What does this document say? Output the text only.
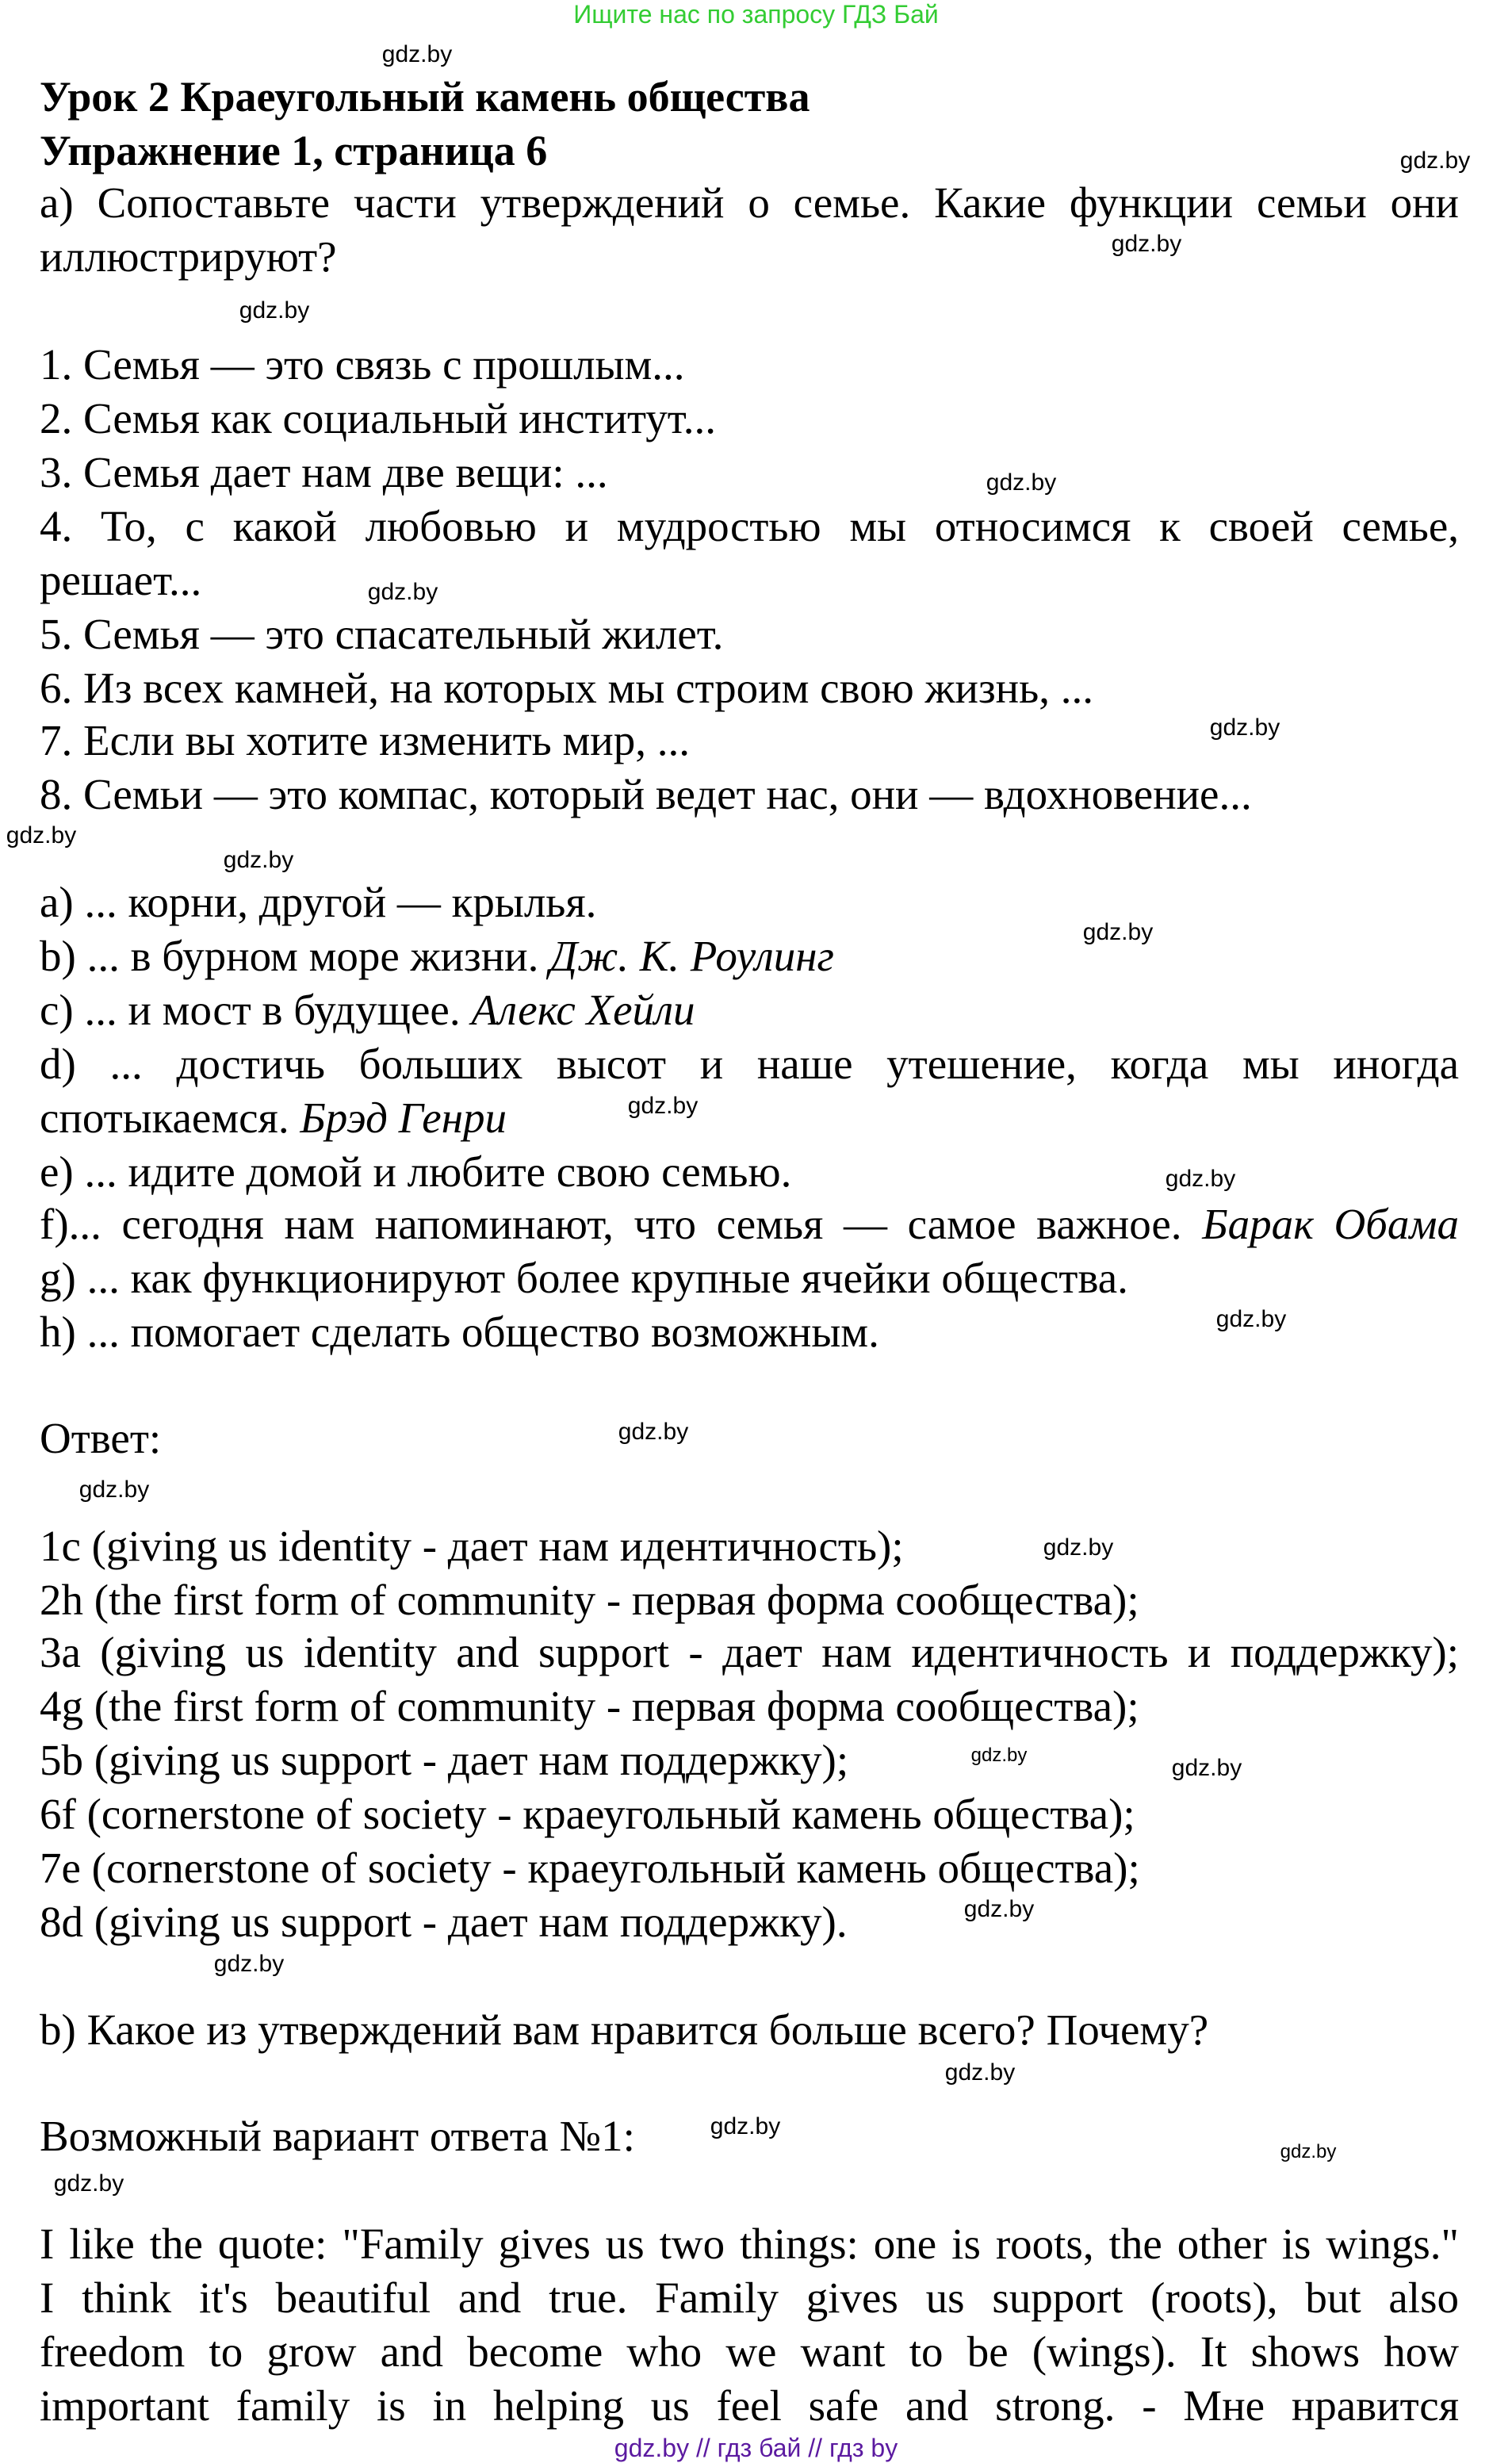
Ищите нас по запросу ГДЗ Бай
Урок 2 Краеугольный камень общества
Упражнение 1, страница 6
а) Сопоставьте части утверждений о семье. Какие функции семьи они
иллюстрируют?
1. Семья — это связь с прошлым...
2. Семья как социальный институт...
3. Семья дает нам две вещи: ...
4. То, с какой любовью и мудростью мы относимся к своей семье,
решает...
5. Семья — это спасательный жилет.
6. Из всех камней, на которых мы строим свою жизнь, ...
7. Если вы хотите изменить мир, ...
8. Семьи — это компас, который ведет нас, они — вдохновение...
a) ... корни, другой — крылья.
b) ... в бурном море жизни. Дж. К. Роулинг
c) ... и мост в будущее. Алекс Хейли
d) ... достичь больших высот и наше утешение, когда мы иногда
спотыкаемся. Брэд Генри
e) ... идите домой и любите свою семью.
f)... сегодня нам напоминают, что семья — самое важное. Барак Обама
g) ... как функционируют более крупные ячейки общества.
h) ... помогает сделать общество возможным.
Ответ:
1c (giving us identity - дает нам идентичность);
2h (the first form of community - первая форма сообщества);
3a (giving us identity and support - дает нам идентичность и поддержку);
4g (the first form of community - первая форма сообщества);
5b (giving us support - дает нам поддержку);
6f (cornerstone of society - краеугольный камень общества);
7e (cornerstone of society - краеугольный камень общества);
8d (giving us support - дает нам поддержку).
b) Какое из утверждений вам нравится больше всего? Почему?
Возможный вариант ответа №1:
I like the quote: "Family gives us two things: one is roots, the other is wings."
I think it's beautiful and true. Family gives us support (roots), but also
freedom to grow and become who we want to be (wings). It shows how
important family is in helping us feel safe and strong. - Мне нравится
gdz.by // гдз бай // гдз by
gdz.by
gdz.by
gdz.by
gdz.by
gdz.by
gdz.by
gdz.by
gdz.by
gdz.by
gdz.by
gdz.by
gdz.by
gdz.by
gdz.by
gdz.by
gdz.by
gdz.by	gdz.by
gdz.by
gdz.by
gdz.by
gdz.by
gdz.by
gdz.by
